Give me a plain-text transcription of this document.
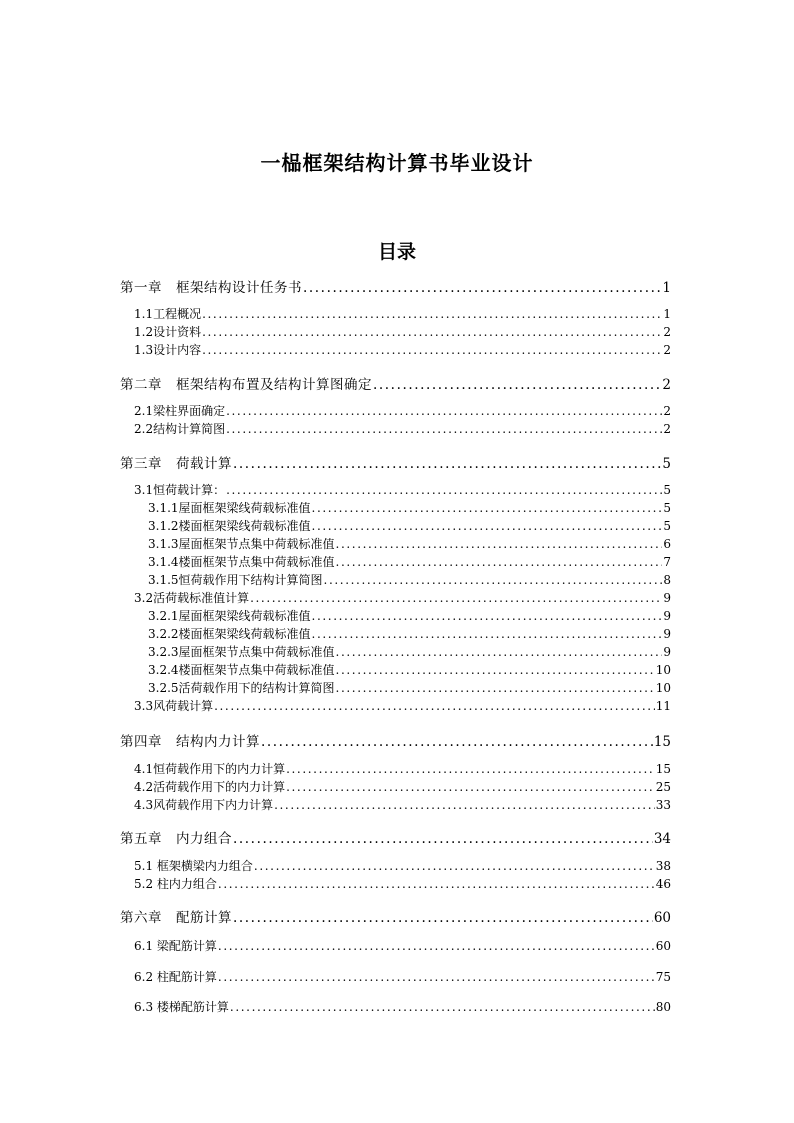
一榀框架结构计算书毕业设计
目录
第一章　框架结构设计任务书 .....	1
1.1工程概况 .....	1
1.2设计资料 .....	2
1.3设计内容 .....	2
第二章　框架结构布置及结构计算图确定 .....	2
2.1梁柱界面确定 .....	2
2.2结构计算简图 .....	2
第三章　荷载计算 .....	5
3.1恒荷载计算： .....	5
3.1.1屋面框架梁线荷载标准值 .....	5
3.1.2楼面框架梁线荷载标准值 .....	5
3.1.3屋面框架节点集中荷载标准值 .....	6
3.1.4楼面框架节点集中荷载标准值 .....	7
3.1.5恒荷载作用下结构计算简图 .....	8
3.2活荷载标准值计算 .....	9
3.2.1屋面框架梁线荷载标准值 .....	9
3.2.2楼面框架梁线荷载标准值 .....	9
3.2.3屋面框架节点集中荷载标准值 .....	9
3.2.4楼面框架节点集中荷载标准值 .....	10
3.2.5活荷载作用下的结构计算简图 .....	10
3.3风荷载计算 .....	11
第四章　结构内力计算 .....	15
4.1恒荷载作用下的内力计算 .....	15
4.2活荷载作用下的内力计算 .....	25
4.3风荷载作用下内力计算 .....	33
第五章　内力组合 .....	34
5.1 框架横梁内力组合 .....	38
5.2 柱内力组合 .....	46
第六章　配筋计算 .....	60
6.1 梁配筋计算 .....	60
6.2 柱配筋计算 .....	75
6.3 楼梯配筋计算 .....	80
